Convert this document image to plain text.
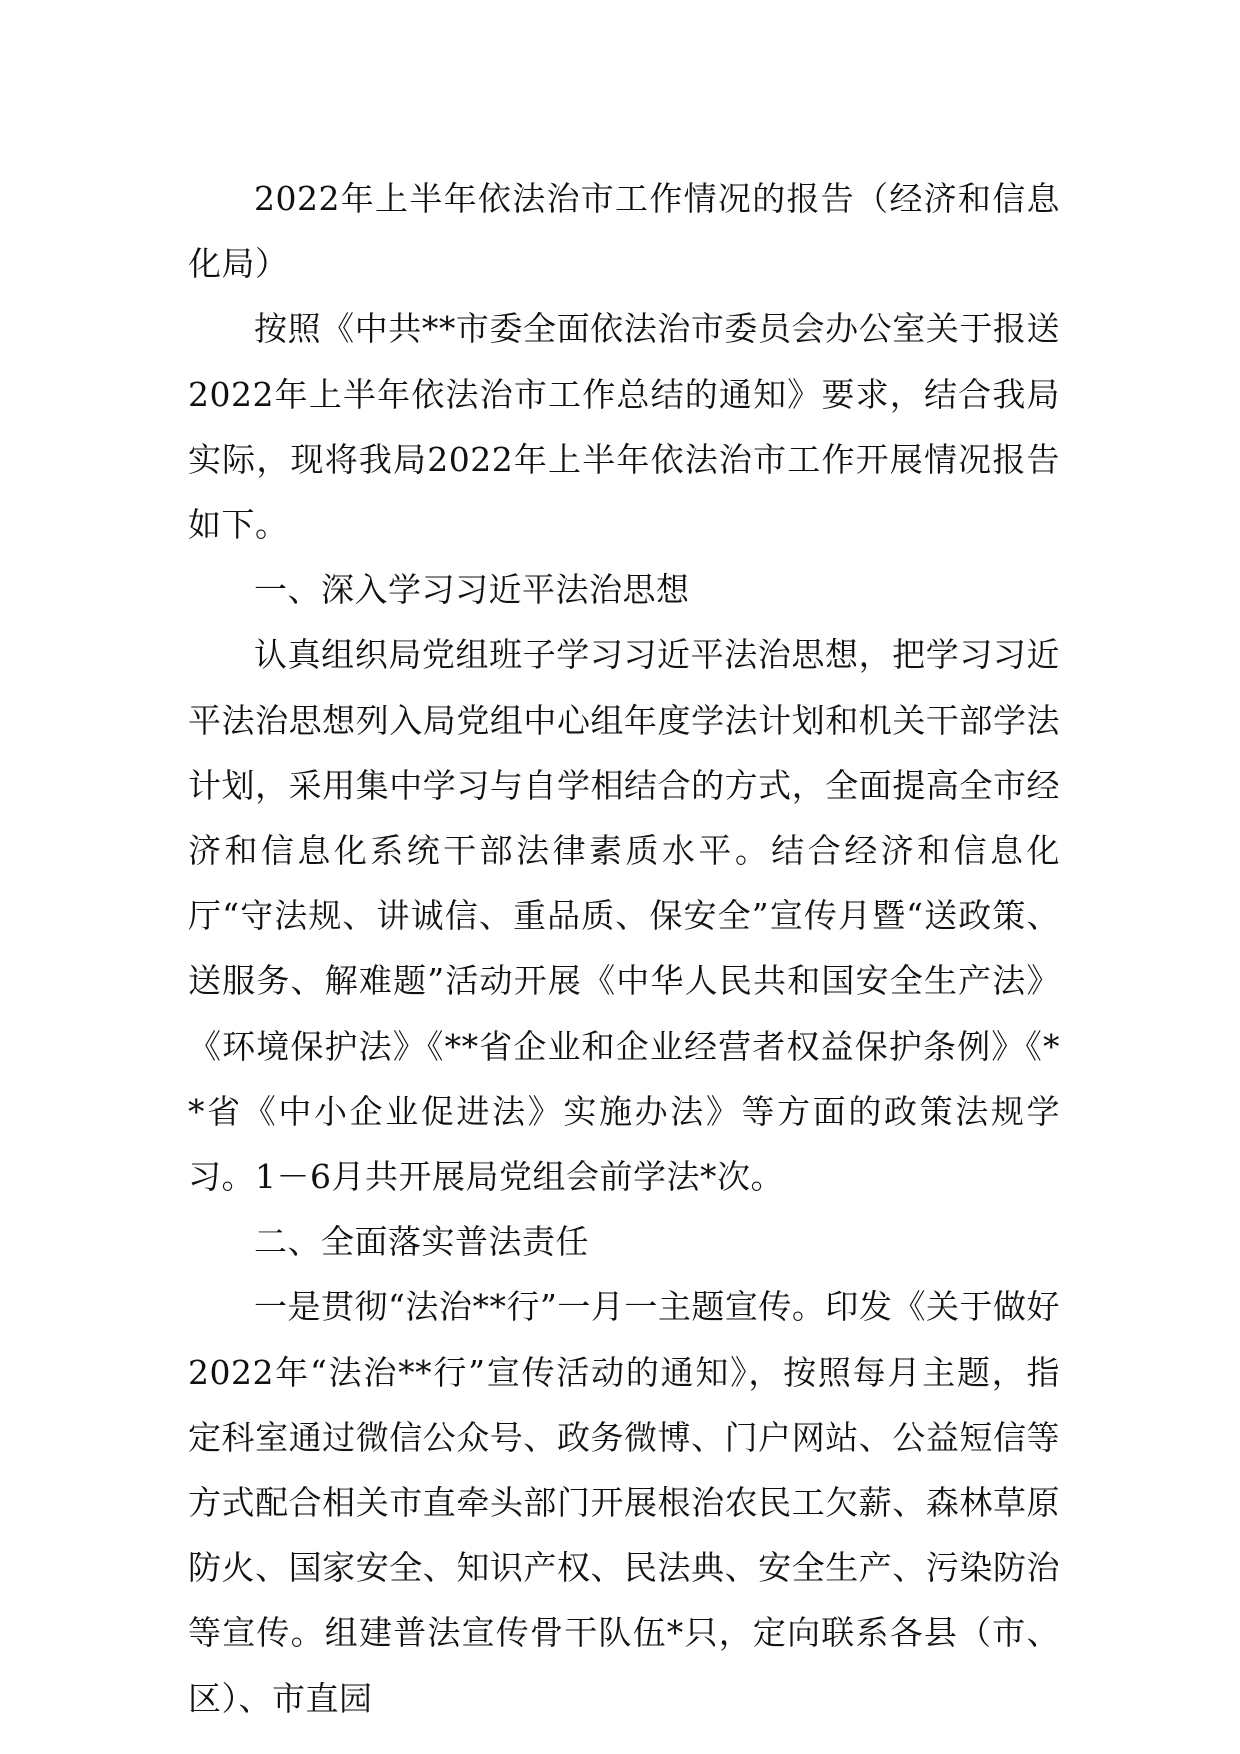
2022年上半年依法治市工作情况的报告（经济和信息化局）

按照《中共**市委全面依法治市委员会办公室关于报送2022年上半年依法治市工作总结的通知》要求，结合我局实际，现将我局2022年上半年依法治市工作开展情况报告如下。

一、深入学习习近平法治思想

认真组织局党组班子学习习近平法治思想，把学习习近平法治思想列入局党组中心组年度学法计划和机关干部学法计划，采用集中学习与自学相结合的方式，全面提高全市经济和信息化系统干部法律素质水平。结合经济和信息化厅“守法规、讲诚信、重品质、保安全”宣传月暨“送政策、送服务、解难题”活动开展《中华人民共和国安全生产法》《环境保护法》《**省企业和企业经营者权益保护条例》《**省《中小企业促进法》实施办法》等方面的政策法规学习。1－6月共开展局党组会前学法*次。

二、全面落实普法责任

一是贯彻“法治**行”一月一主题宣传。印发《关于做好2022年“法治**行”宣传活动的通知》，按照每月主题，指定科室通过微信公众号、政务微博、门户网站、公益短信等方式配合相关市直牵头部门开展根治农民工欠薪、森林草原防火、国家安全、知识产权、民法典、安全生产、污染防治等宣传。组建普法宣传骨干队伍*只，定向联系各县（市、区）、市直园
